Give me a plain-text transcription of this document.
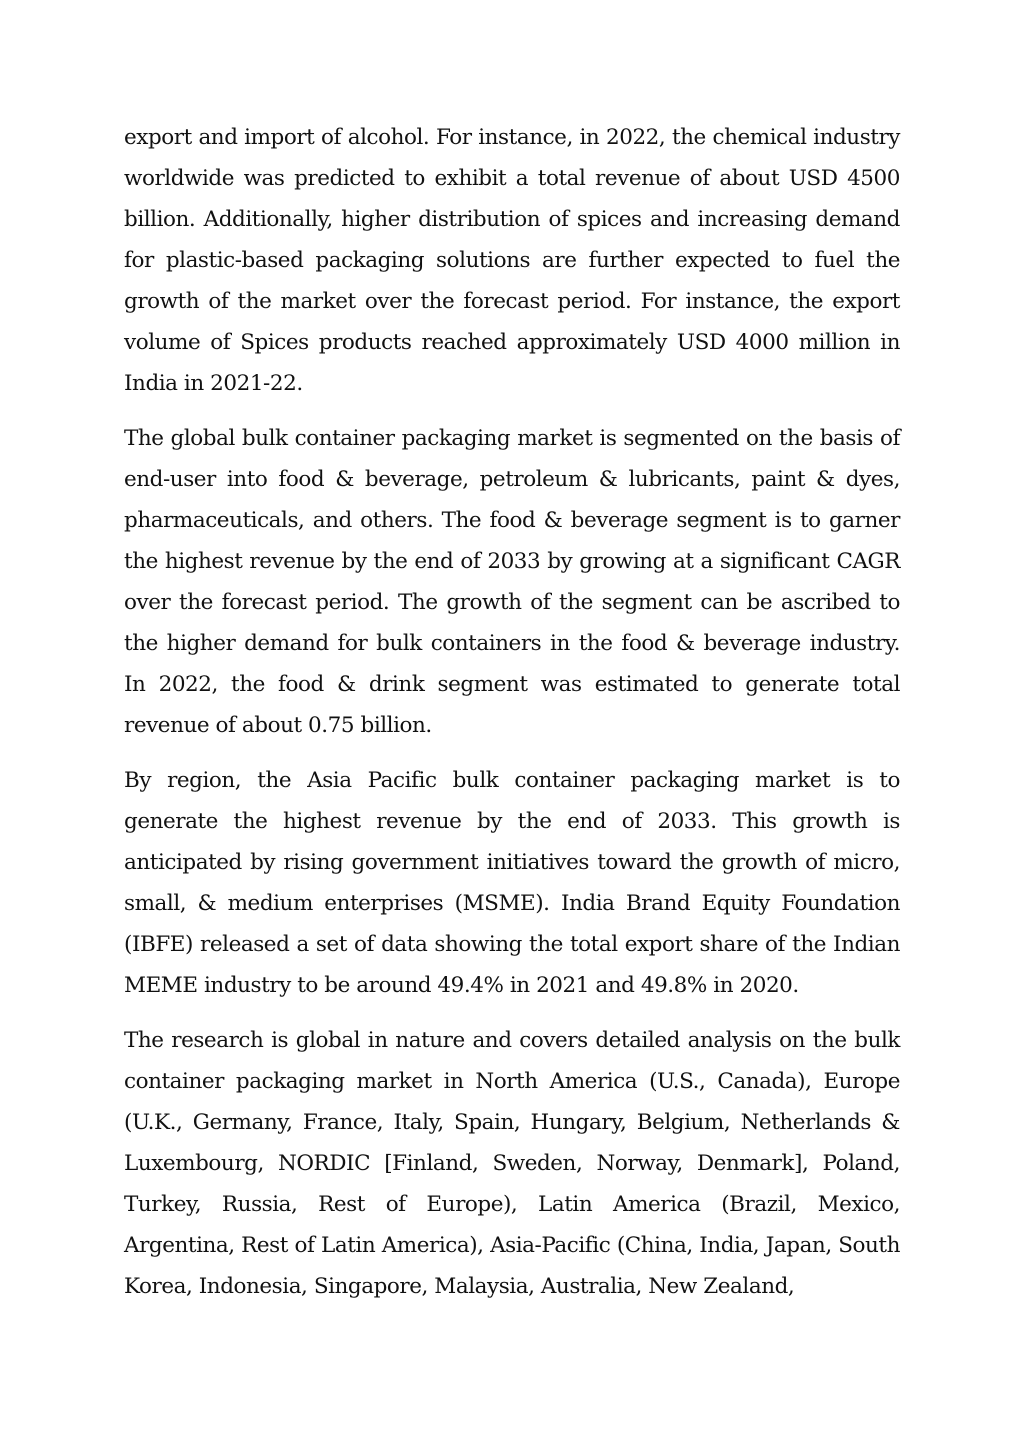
export and import of alcohol. For instance, in 2022, the chemical industry worldwide was predicted to exhibit a total revenue of about USD 4500 billion. Additionally, higher distribution of spices and increasing demand for plastic-based packaging solutions are further expected to fuel the growth of the market over the forecast period. For instance, the export volume of Spices products reached approximately USD 4000 million in India in 2021-22.

The global bulk container packaging market is segmented on the basis of end-user into food & beverage, petroleum & lubricants, paint & dyes, pharmaceuticals, and others. The food & beverage segment is to garner the highest revenue by the end of 2033 by growing at a significant CAGR over the forecast period. The growth of the segment can be ascribed to the higher demand for bulk containers in the food & beverage industry. In 2022, the food & drink segment was estimated to generate total revenue of about 0.75 billion.

By region, the Asia Pacific bulk container packaging market is to generate the highest revenue by the end of 2033. This growth is anticipated by rising government initiatives toward the growth of micro, small, & medium enterprises (MSME). India Brand Equity Foundation (IBFE) released a set of data showing the total export share of the Indian MEME industry to be around 49.4% in 2021 and 49.8% in 2020.

The research is global in nature and covers detailed analysis on the bulk container packaging market in North America (U.S., Canada), Europe (U.K., Germany, France, Italy, Spain, Hungary, Belgium, Netherlands & Luxembourg, NORDIC [Finland, Sweden, Norway, Denmark], Poland, Turkey, Russia, Rest of Europe), Latin America (Brazil, Mexico, Argentina, Rest of Latin America), Asia-Pacific (China, India, Japan, South Korea, Indonesia, Singapore, Malaysia, Australia, New Zealand,
